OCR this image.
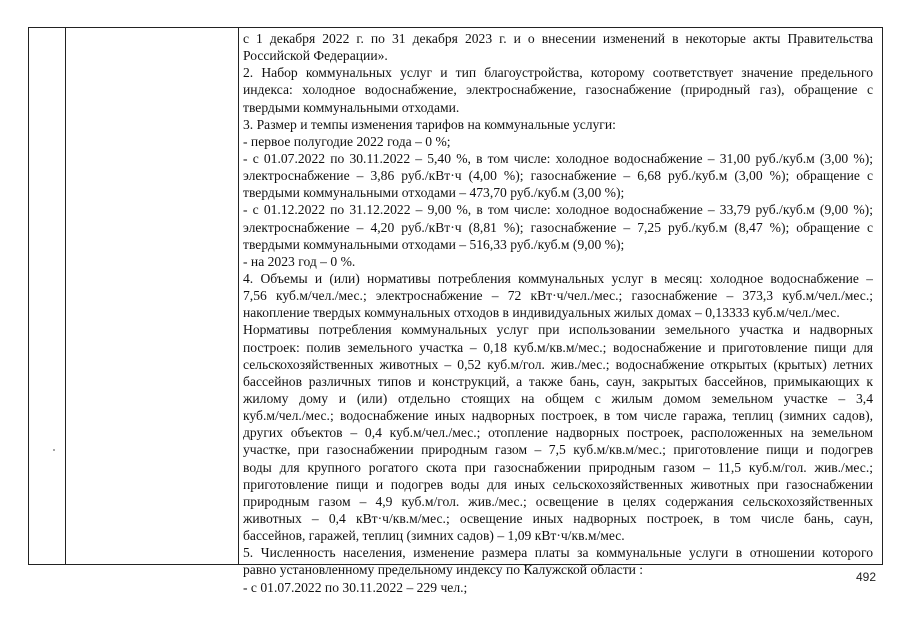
с 1 декабря 2022 г. по 31 декабря 2023 г. и о внесении изменений в некоторые акты Правительства
Российской Федерации».
2. Набор коммунальных услуг и тип благоустройства, которому соответствует значение предельного
индекса: холодное водоснабжение, электроснабжение, газоснабжение (природный газ), обращение с
твердыми коммунальными отходами.
3. Размер и темпы изменения тарифов на коммунальные услуги:
- первое полугодие 2022 года – 0 %;
- с 01.07.2022 по 30.11.2022 – 5,40 %, в том числе: холодное водоснабжение – 31,00 руб./куб.м (3,00 %);
электроснабжение – 3,86 руб./кВт·ч (4,00 %); газоснабжение – 6,68 руб./куб.м (3,00 %); обращение с
твердыми коммунальными отходами – 473,70 руб./куб.м (3,00 %);
- с 01.12.2022 по 31.12.2022 – 9,00 %, в том числе: холодное водоснабжение – 33,79 руб./куб.м (9,00 %);
электроснабжение – 4,20 руб./кВт·ч (8,81 %); газоснабжение – 7,25 руб./куб.м (8,47 %); обращение с
твердыми коммунальными отходами – 516,33 руб./куб.м (9,00 %);
- на 2023 год – 0 %.
4. Объемы и (или) нормативы потребления коммунальных услуг в месяц: холодное водоснабжение –
7,56 куб.м/чел./мес.; электроснабжение – 72 кВт·ч/чел./мес.; газоснабжение – 373,3 куб.м/чел./мес.;
накопление твердых коммунальных отходов в индивидуальных жилых домах – 0,13333 куб.м/чел./мес.
Нормативы потребления коммунальных услуг при использовании земельного участка и надворных
построек: полив земельного участка – 0,18 куб.м/кв.м/мес.; водоснабжение и приготовление пищи для
сельскохозяйственных животных – 0,52 куб.м/гол. жив./мес.; водоснабжение открытых (крытых) летних
бассейнов различных типов и конструкций, а также бань, саун, закрытых бассейнов, примыкающих к
жилому дому и (или) отдельно стоящих на общем с жилым домом земельном участке – 3,4
куб.м/чел./мес.; водоснабжение иных надворных построек, в том числе гаража, теплиц (зимних садов),
других объектов – 0,4 куб.м/чел./мес.; отопление надворных построек, расположенных на земельном
участке, при газоснабжении природным газом – 7,5 куб.м/кв.м/мес.; приготовление пищи и подогрев
воды для крупного рогатого скота при газоснабжении природным газом – 11,5 куб.м/гол. жив./мес.;
приготовление пищи и подогрев воды для иных сельскохозяйственных животных при газоснабжении
природным газом – 4,9 куб.м/гол. жив./мес.; освещение в целях содержания сельскохозяйственных
животных – 0,4 кВт·ч/кв.м/мес.; освещение иных надворных построек, в том числе бань, саун,
бассейнов, гаражей, теплиц (зимних садов) – 1,09 кВт·ч/кв.м/мес.
5. Численность населения, изменение размера платы за коммунальные услуги в отношении которого
равно установленному предельному индексу по Калужской области :
- с 01.07.2022 по 30.11.2022 – 229 чел.;
492
